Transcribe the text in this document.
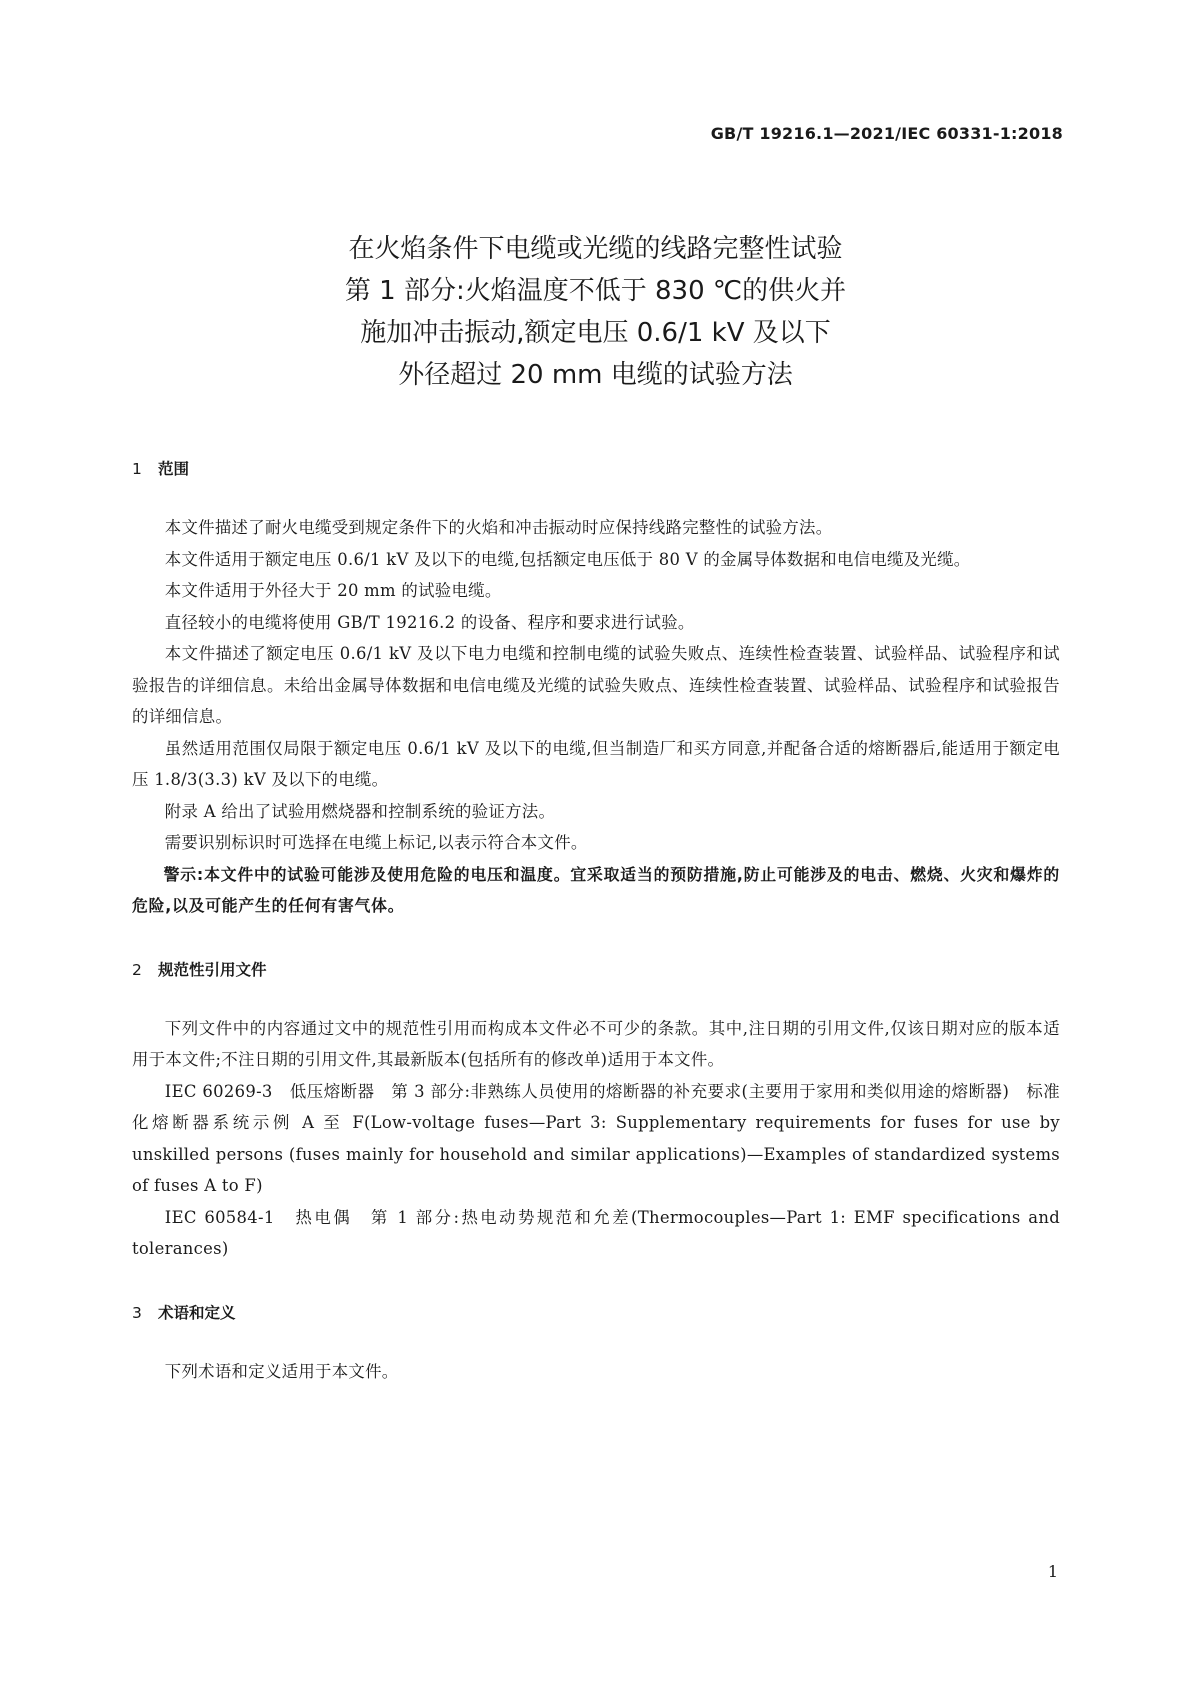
GB/T 19216.1—2021/IEC 60331-1:2018
在火焰条件下电缆或光缆的线路完整性试验
第 1 部分:火焰温度不低于 830 ℃的供火并
施加冲击振动,额定电压 0.6/1 kV 及以下
外径超过 20 mm 电缆的试验方法
1 范围

本文件描述了耐火电缆受到规定条件下的火焰和冲击振动时应保持线路完整性的试验方法。

本文件适用于额定电压 0.6/1 kV 及以下的电缆,包括额定电压低于 80 V 的金属导体数据和电信电缆及光缆。

本文件适用于外径大于 20 mm 的试验电缆。

直径较小的电缆将使用 GB/T 19216.2 的设备、程序和要求进行试验。

本文件描述了额定电压 0.6/1 kV 及以下电力电缆和控制电缆的试验失败点、连续性检查装置、试验样品、试验程序和试验报告的详细信息。未给出金属导体数据和电信电缆及光缆的试验失败点、连续性检查装置、试验样品、试验程序和试验报告的详细信息。

虽然适用范围仅局限于额定电压 0.6/1 kV 及以下的电缆,但当制造厂和买方同意,并配备合适的熔断器后,能适用于额定电压 1.8/3(3.3) kV 及以下的电缆。

附录 A 给出了试验用燃烧器和控制系统的验证方法。

需要识别标识时可选择在电缆上标记,以表示符合本文件。

警示:本文件中的试验可能涉及使用危险的电压和温度。宜采取适当的预防措施,防止可能涉及的电击、燃烧、火灾和爆炸的危险,以及可能产生的任何有害气体。

2 规范性引用文件

下列文件中的内容通过文中的规范性引用而构成本文件必不可少的条款。其中,注日期的引用文件,仅该日期对应的版本适用于本文件;不注日期的引用文件,其最新版本(包括所有的修改单)适用于本文件。

IEC 60269-3　低压熔断器　第 3 部分:非熟练人员使用的熔断器的补充要求(主要用于家用和类似用途的熔断器)　标准化熔断器系统示例 A 至 F(Low-voltage fuses—Part 3: Supplementary requirements for fuses for use by unskilled persons (fuses mainly for household and similar applications)—Examples of standardized systems of fuses A to F)

IEC 60584-1　热电偶　第 1 部分:热电动势规范和允差(Thermocouples—Part 1: EMF specifications and tolerances)

3 术语和定义

下列术语和定义适用于本文件。

1
